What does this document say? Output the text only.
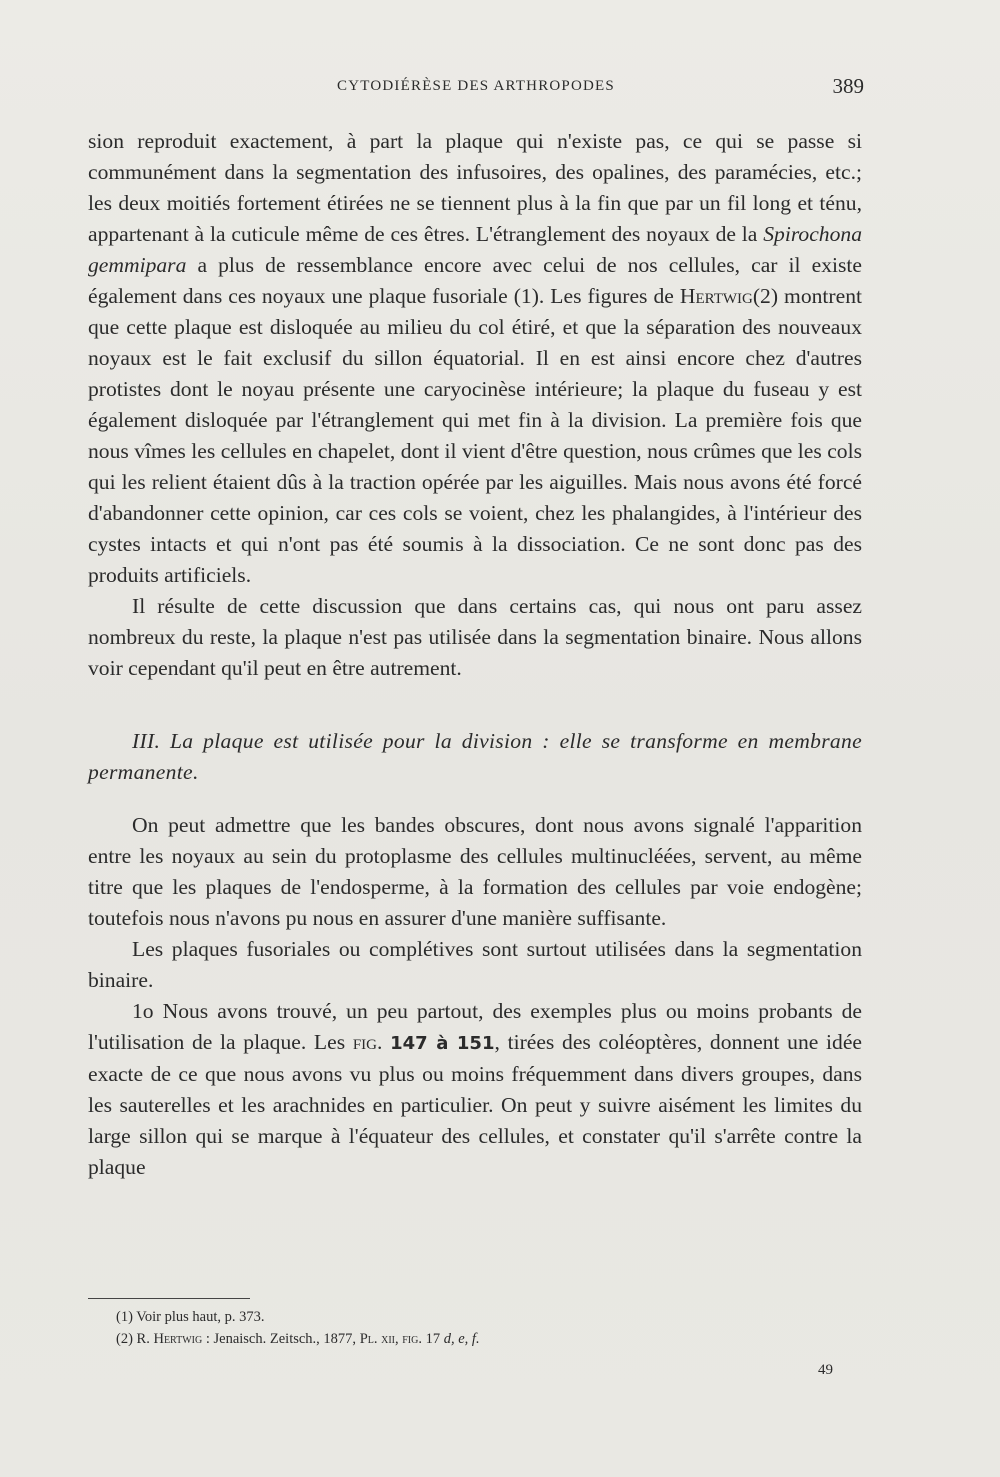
CYTODIÉRÈSE DES ARTHROPODES	389

sion reproduit exactement, à part la plaque qui n'existe pas, ce qui se passe si communément dans la segmentation des infusoires, des opalines, des paramécies, etc.; les deux moitiés fortement étirées ne se tiennent plus à la fin que par un fil long et ténu, appartenant à la cuticule même de ces êtres. L'étranglement des noyaux de la Spirochona gemmipara a plus de ressemblance encore avec celui de nos cellules, car il existe également dans ces noyaux une plaque fusoriale (1). Les figures de Hertwig(2) montrent que cette plaque est disloquée au milieu du col étiré, et que la séparation des nouveaux noyaux est le fait exclusif du sillon équatorial. Il en est ainsi encore chez d'autres protistes dont le noyau présente une caryocinèse intérieure; la plaque du fuseau y est également disloquée par l'étranglement qui met fin à la division. La première fois que nous vîmes les cellules en chapelet, dont il vient d'être question, nous crûmes que les cols qui les relient étaient dûs à la traction opérée par les aiguilles. Mais nous avons été forcé d'abandonner cette opinion, car ces cols se voient, chez les phalangides, à l'intérieur des cystes intacts et qui n'ont pas été soumis à la dissociation. Ce ne sont donc pas des produits artificiels.

Il résulte de cette discussion que dans certains cas, qui nous ont paru assez nombreux du reste, la plaque n'est pas utilisée dans la segmentation binaire. Nous allons voir cependant qu'il peut en être autrement.

III. La plaque est utilisée pour la division : elle se transforme en membrane permanente.

On peut admettre que les bandes obscures, dont nous avons signalé l'apparition entre les noyaux au sein du protoplasme des cellules multinucléées, servent, au même titre que les plaques de l'endosperme, à la formation des cellules par voie endogène; toutefois nous n'avons pu nous en assurer d'une manière suffisante.

Les plaques fusoriales ou complétives sont surtout utilisées dans la segmentation binaire.

1o Nous avons trouvé, un peu partout, des exemples plus ou moins probants de l'utilisation de la plaque. Les fig. 147 à 151, tirées des coléoptères, donnent une idée exacte de ce que nous avons vu plus ou moins fréquemment dans divers groupes, dans les sauterelles et les arachnides en particulier. On peut y suivre aisément les limites du large sillon qui se marque à l'équateur des cellules, et constater qu'il s'arrête contre la plaque

(1) Voir plus haut, p. 373.

(2) R. Hertwig : Jenaisch. Zeitsch., 1877, Pl. xii, fig. 17 d, e, f.

49
